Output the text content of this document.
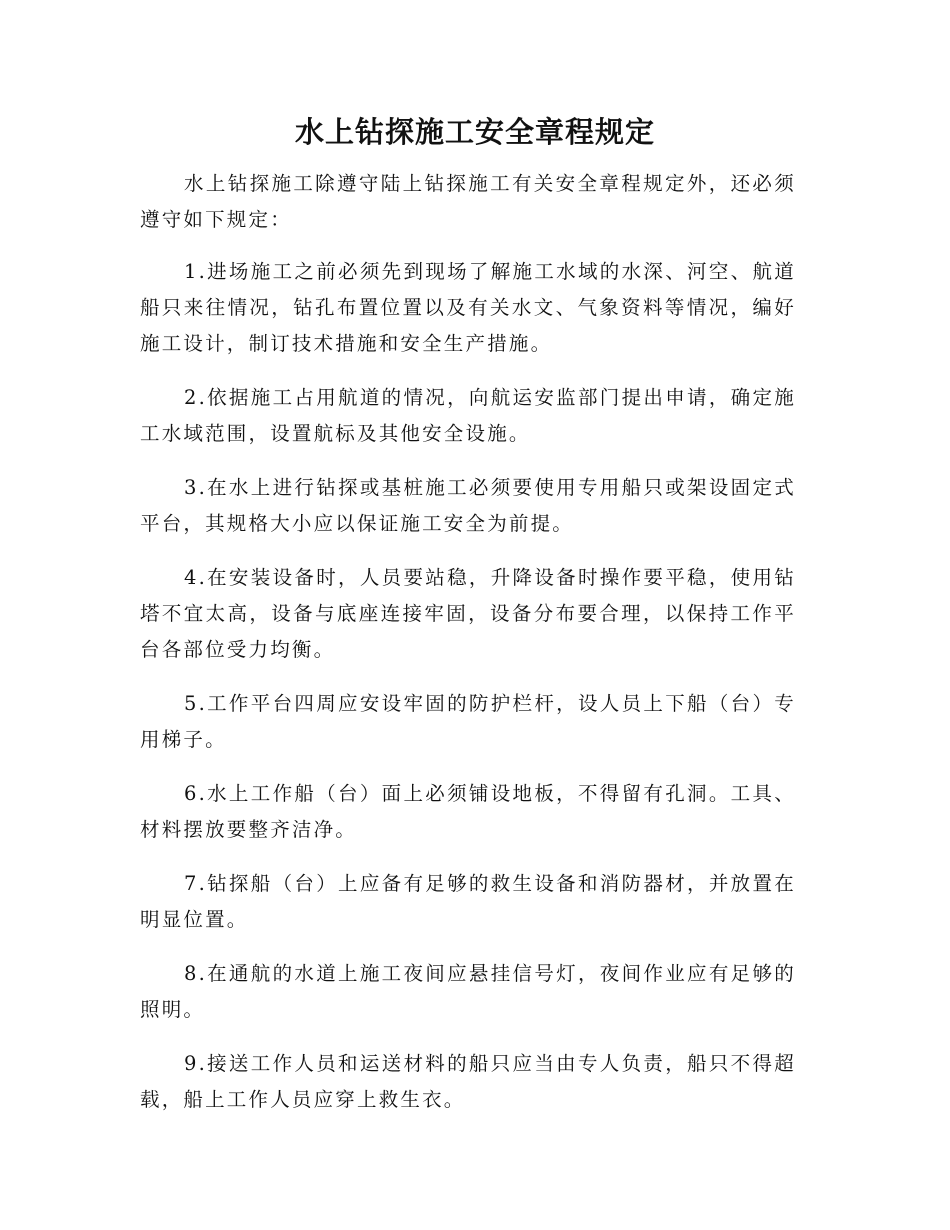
水上钻探施工安全章程规定

水上钻探施工除遵守陆上钻探施工有关安全章程规定外，还必须遵守如下规定：

1.进场施工之前必须先到现场了解施工水域的水深、河空、航道船只来往情况，钻孔布置位置以及有关水文、气象资料等情况，编好施工设计，制订技术措施和安全生产措施。

2.依据施工占用航道的情况，向航运安监部门提出申请，确定施工水域范围，设置航标及其他安全设施。

3.在水上进行钻探或基桩施工必须要使用专用船只或架设固定式平台，其规格大小应以保证施工安全为前提。

4.在安装设备时，人员要站稳，升降设备时操作要平稳，使用钻塔不宜太高，设备与底座连接牢固，设备分布要合理，以保持工作平台各部位受力均衡。

5.工作平台四周应安设牢固的防护栏杆，设人员上下船（台）专用梯子。

6.水上工作船（台）面上必须铺设地板，不得留有孔洞。工具、材料摆放要整齐洁净。

7.钻探船（台）上应备有足够的救生设备和消防器材，并放置在明显位置。

8.在通航的水道上施工夜间应悬挂信号灯，夜间作业应有足够的照明。

9.接送工作人员和运送材料的船只应当由专人负责，船只不得超载，船上工作人员应穿上救生衣。
